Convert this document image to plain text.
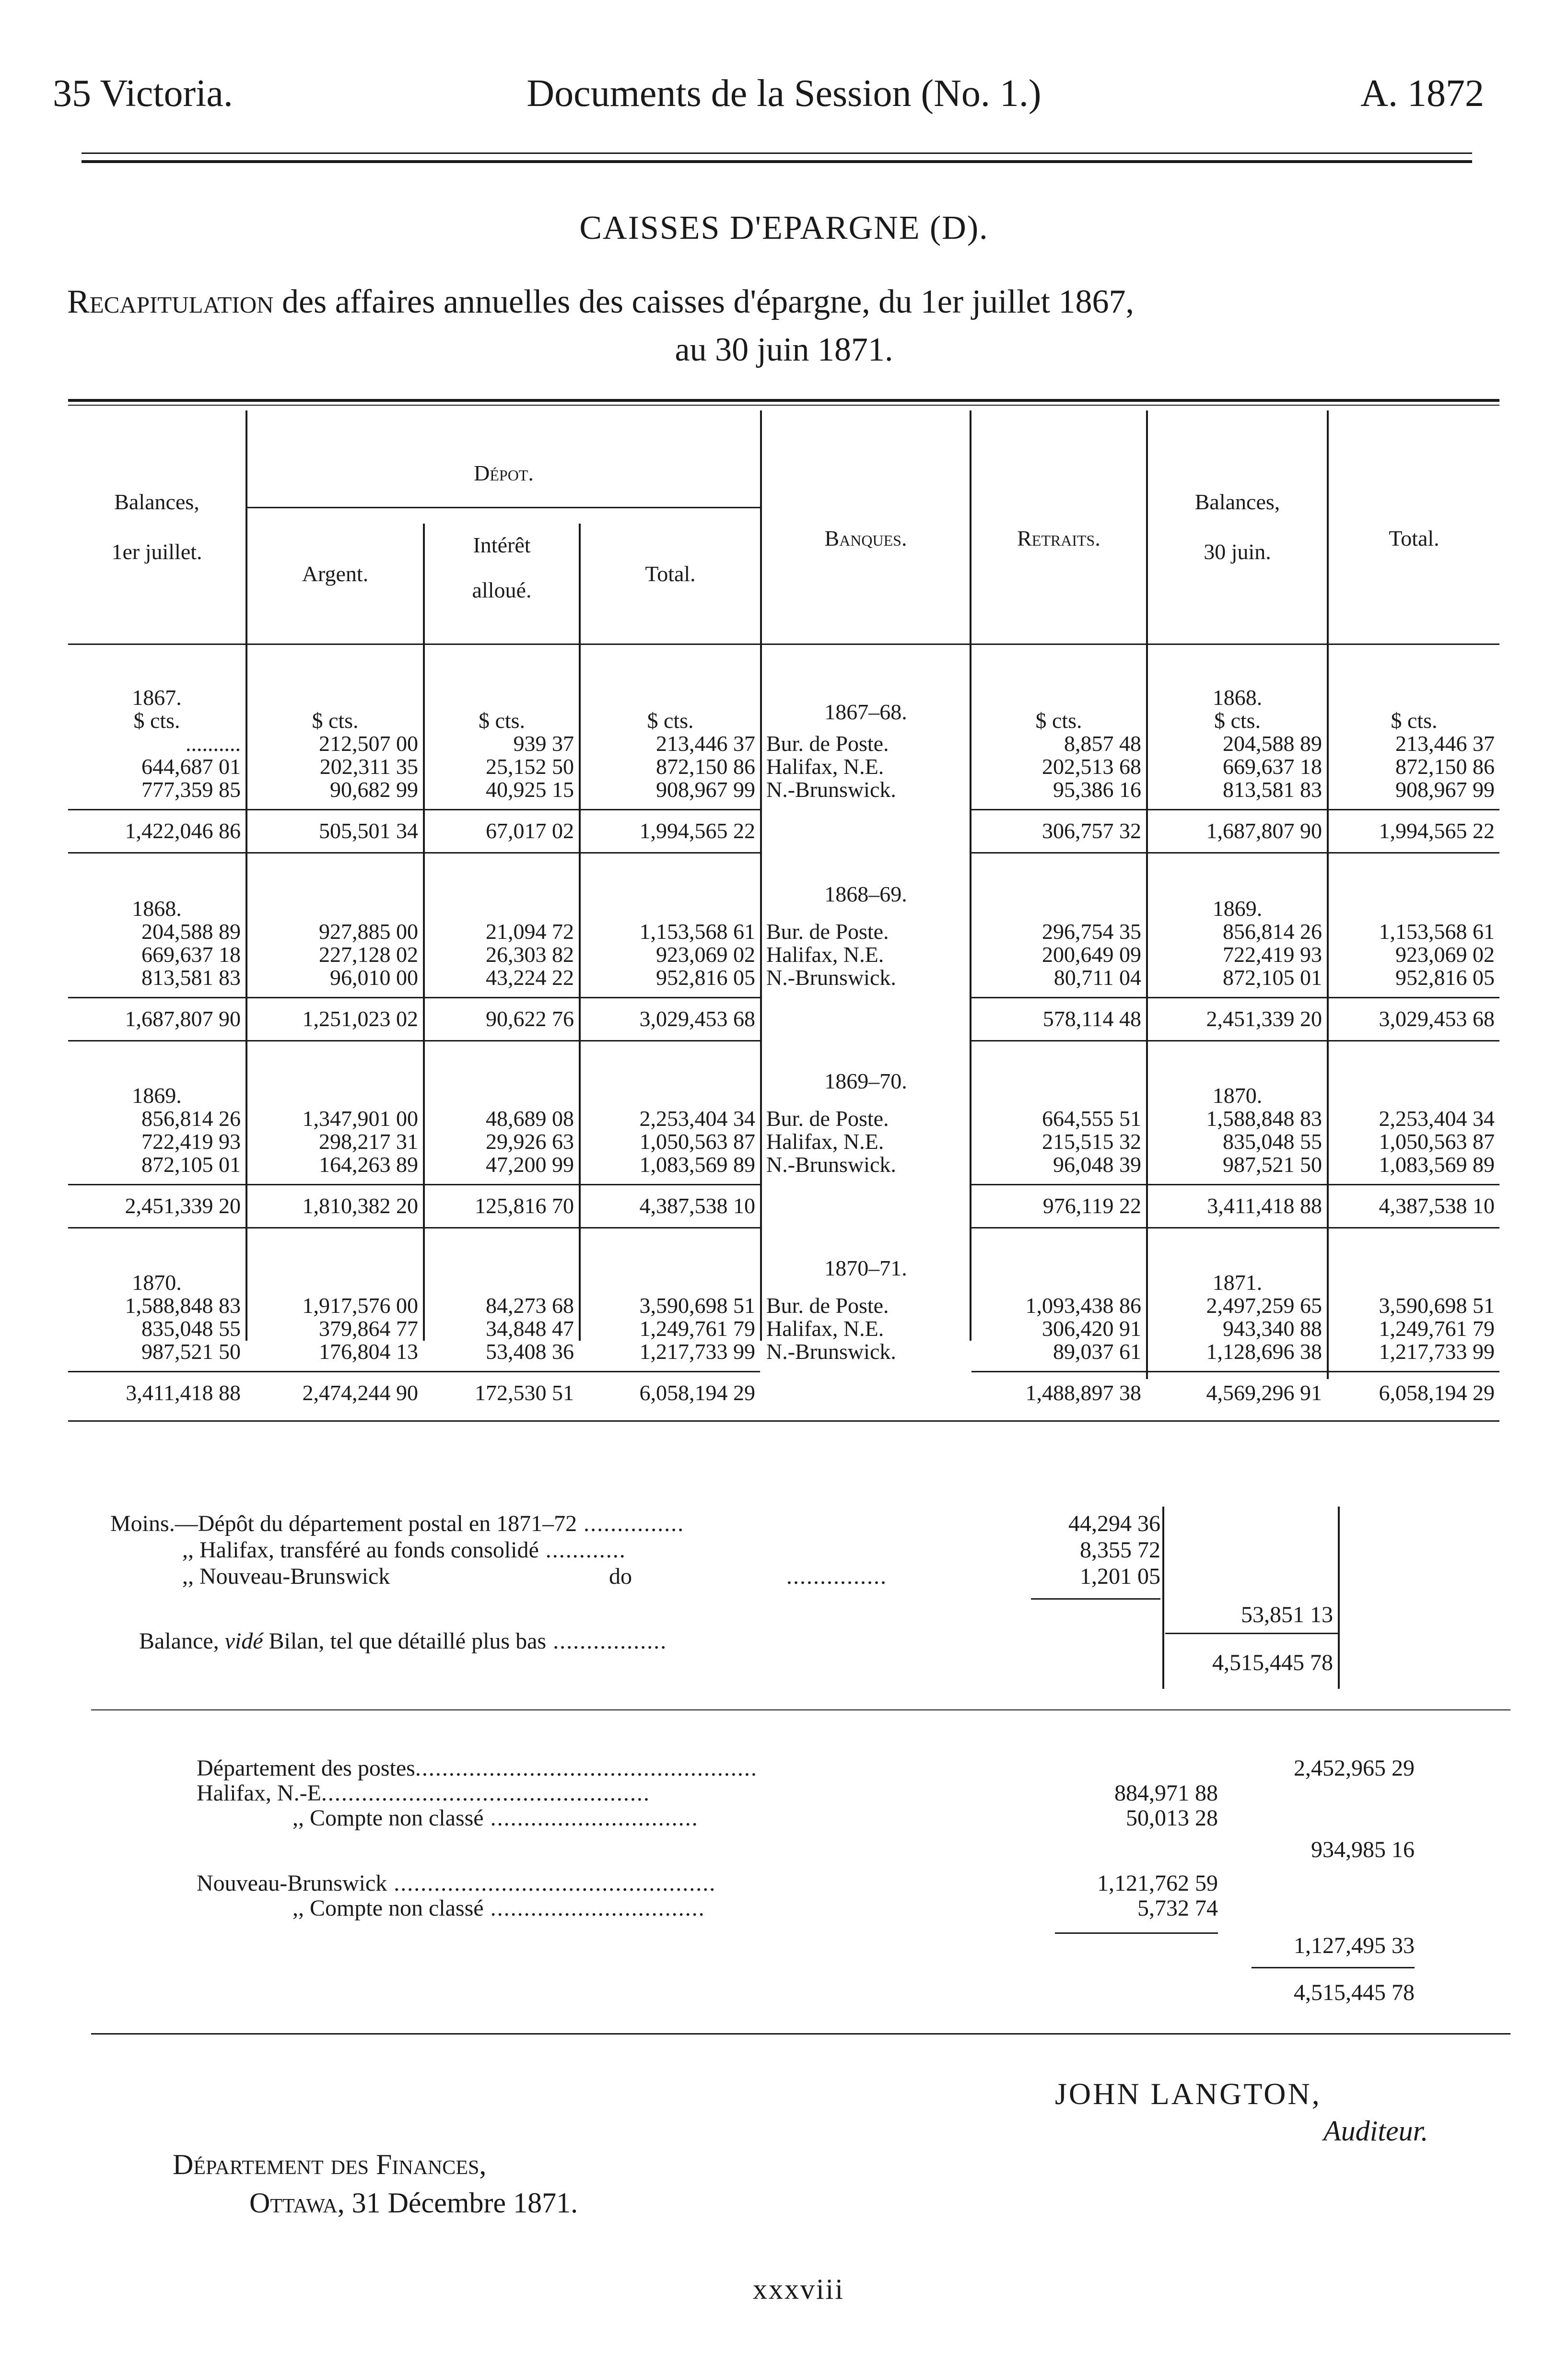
35 Victoria.	Documents de la Session (No. 1.)	A. 1872
CAISSES D'EPARGNE (D).
Recapitulation des affaires annuelles des caisses d'épargne, du 1er juillet 1867,
au 30 juin 1871.
Balances,
1er juillet.
Dépot.
Argent.
Intérêt
alloué.
Total.
Banques.	Retraits.
Balances,
30 juin.
Total.
1867.	1868.
1867–68.
$ cts.	$ cts.	$ cts.	$ cts.	$ cts.	$ cts.	$ cts.
..........	212,507 00	939 37	213,446 37 Bur. de Poste.	8,857 48	204,588 89	213,446 37
644,687 01	202,311 35	25,152 50	872,150 86 Halifax, N.E.	202,513 68	669,637 18	872,150 86
777,359 85	90,682 99	40,925 15	908,967 99 N.-Brunswick.	95,386 16	813,581 83	908,967 99
1,422,046 86	505,501 34	67,017 02	1,994,565 22	306,757 32	1,687,807 90	1,994,565 22
1868.	1869.
1868–69.
204,588 89	927,885 00	21,094 72	1,153,568 61 Bur. de Poste.	296,754 35	856,814 26	1,153,568 61
669,637 18	227,128 02	26,303 82	923,069 02 Halifax, N.E.	200,649 09	722,419 93	923,069 02
813,581 83	96,010 00	43,224 22	952,816 05 N.-Brunswick.	80,711 04	872,105 01	952,816 05
1,687,807 90	1,251,023 02	90,622 76	3,029,453 68	578,114 48	2,451,339 20	3,029,453 68
1869.	1870.
1869–70.
856,814 26	1,347,901 00	48,689 08	2,253,404 34 Bur. de Poste.	664,555 51	1,588,848 83	2,253,404 34
722,419 93	298,217 31	29,926 63	1,050,563 87 Halifax, N.E.	215,515 32	835,048 55	1,050,563 87
872,105 01	164,263 89	47,200 99	1,083,569 89 N.-Brunswick.	96,048 39	987,521 50	1,083,569 89
2,451,339 20	1,810,382 20	125,816 70	4,387,538 10	976,119 22	3,411,418 88	4,387,538 10
1870.	1871.
1870–71.
1,588,848 83	1,917,576 00	84,273 68	3,590,698 51 Bur. de Poste.	1,093,438 86	2,497,259 65	3,590,698 51
835,048 55	379,864 77	34,848 47	1,249,761 79 Halifax, N.E.	306,420 91	943,340 88	1,249,761 79
987,521 50	176,804 13	53,408 36	1,217,733 99 N.-Brunswick.	89,037 61	1,128,696 38	1,217,733 99
3,411,418 88	2,474,244 90	172,530 51	6,058,194 29	1,488,897 38	4,569,296 91	6,058,194 29
Moins.—Dépôt du département postal en 1871–72 ...............	44,294 36
,, Halifax, transféré au fonds consolidé ............	8,355 72
,, Nouveau-Brunswick	do	...............	1,201 05
53,851 13
Balance, vidé Bilan, tel que détaillé plus bas .................
4,515,445 78
Département des postes...................................................	2,452,965 29
Halifax, N.-E.................................................	884,971 88
,, Compte non classé ...............................	50,013 28
934,985 16
Nouveau-Brunswick ................................................	1,121,762 59
,, Compte non classé ................................	5,732 74
1,127,495 33
4,515,445 78
JOHN LANGTON,
Auditeur.
Département des Finances,
Ottawa, 31 Décembre 1871.
xxxviii
